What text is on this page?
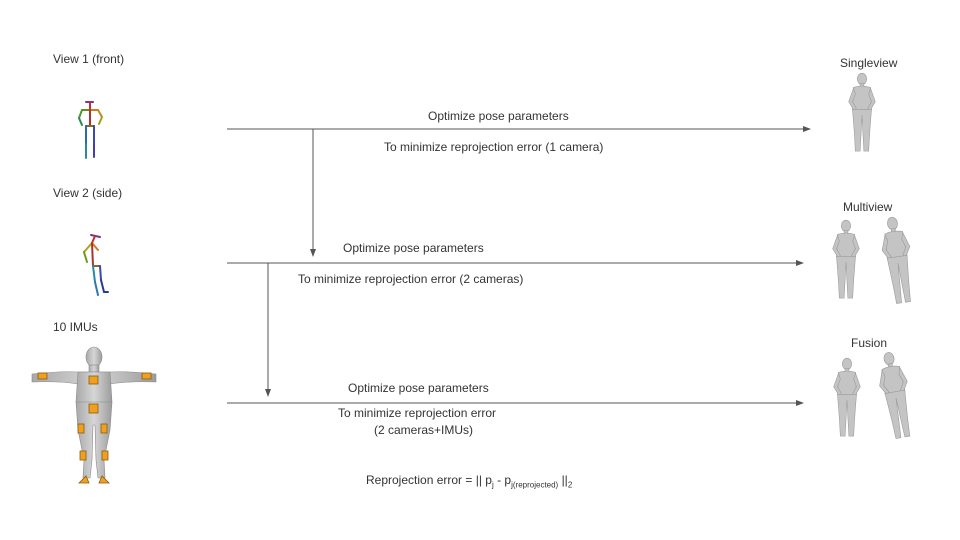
View 1 (front)
View 2 (side)
10 IMUs
Singleview
Multiview
Fusion
Optimize pose parameters
To minimize reprojection error (1 camera)
Optimize pose parameters
To minimize reprojection error (2 cameras)
Optimize pose parameters
To minimize reprojection error
(2 cameras+IMUs)
Reprojection error = || $p_j - p_{j(reprojected)}$ $||_2$
